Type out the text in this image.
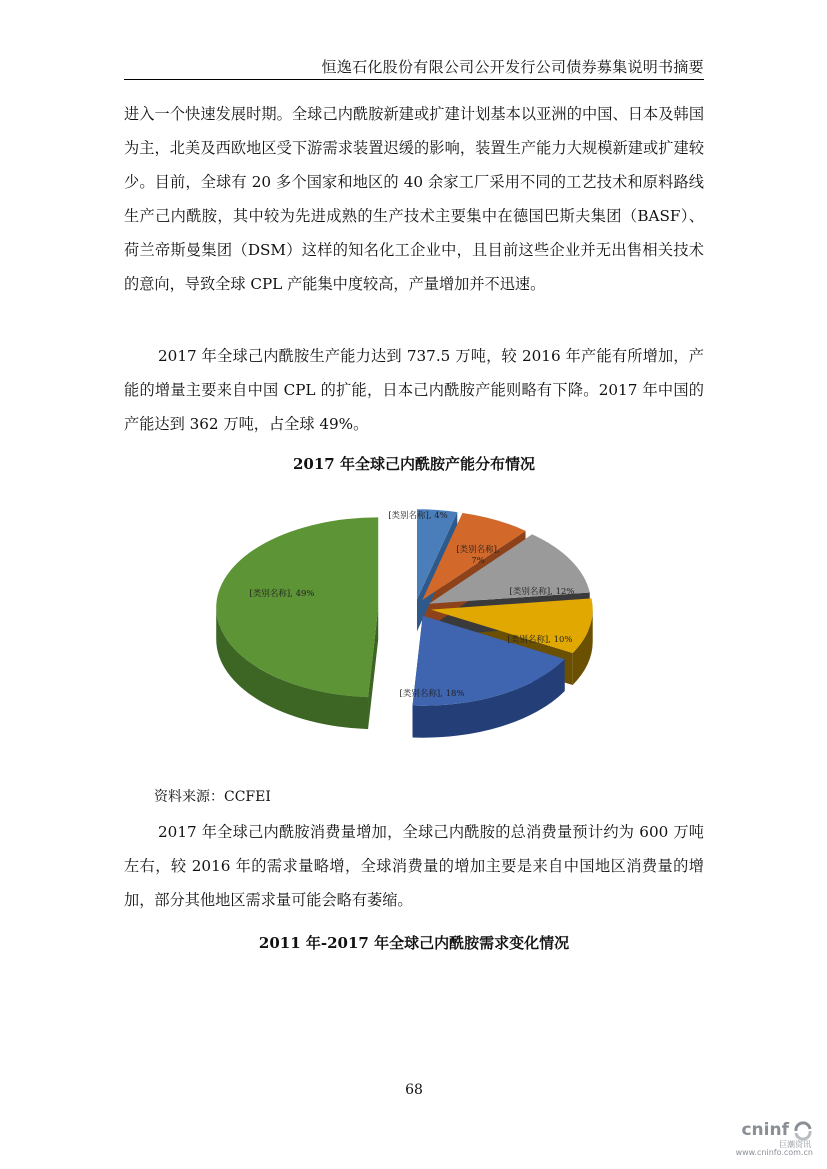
恒逸石化股份有限公司公开发行公司债券募集说明书摘要

进入一个快速发展时期。全球己内酰胺新建或扩建计划基本以亚洲的中国、日本及韩国为主，北美及西欧地区受下游需求装置迟缓的影响，装置生产能力大规模新建或扩建较少。目前，全球有 20 多个国家和地区的 40 余家工厂采用不同的工艺技术和原料路线生产己内酰胺，其中较为先进成熟的生产技术主要集中在德国巴斯夫集团（BASF）、荷兰帝斯曼集团（DSM）这样的知名化工企业中，且目前这些企业并无出售相关技术的意向，导致全球 CPL 产能集中度较高，产量增加并不迅速。

2017 年全球己内酰胺生产能力达到 737.5 万吨，较 2016 年产能有所增加，产能的增量主要来自中国 CPL 的扩能，日本己内酰胺产能则略有下降。2017 年中国的产能达到 362 万吨，占全球 49%。

2017 年全球己内酰胺产能分布情况
[类别名称], 4%
[类别名称], 7%
[类别名称], 12%
[类别名称], 10%
[类别名称], 18%
[类别名称], 49%
资料来源：CCFEI

2017 年全球己内酰胺消费量增加，全球己内酰胺的总消费量预计约为 600 万吨左右，较 2016 年的需求量略增，全球消费量的增加主要是来自中国地区消费量的增加，部分其他地区需求量可能会略有萎缩。

2011 年-2017 年全球己内酰胺需求变化情况
68
cninf
巨潮资讯
www.cninfo.com.cn
